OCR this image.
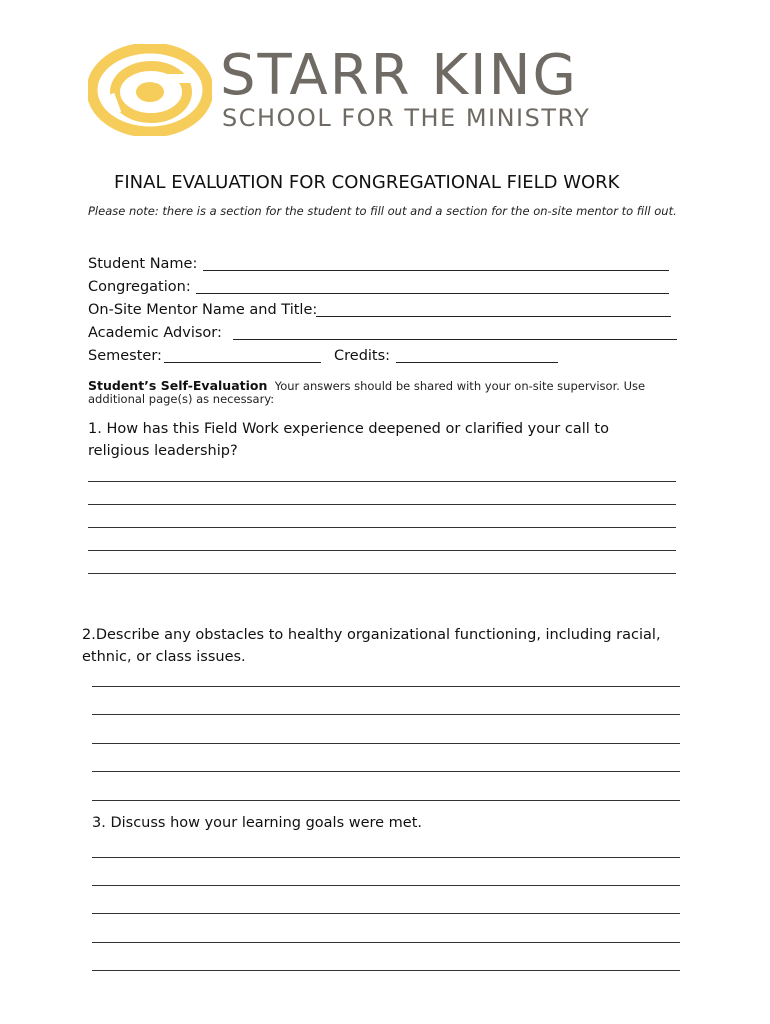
STARR KING
SCHOOL FOR THE MINISTRY
FINAL EVALUATION FOR CONGREGATIONAL FIELD WORK
Please note: there is a section for the student to fill out and a section for the on-site mentor to fill out.
Student Name:
Congregation:
On-Site Mentor Name and Title:
Academic Advisor:
Semester:	Credits:
Student’s Self-Evaluation Your answers should be shared with your on-site supervisor. Use additional page(s) as necessary:
1. How has this Field Work experience deepened or clarified your call to religious leadership?
2.Describe any obstacles to healthy organizational functioning, including racial, ethnic, or class issues.
3. Discuss how your learning goals were met.
